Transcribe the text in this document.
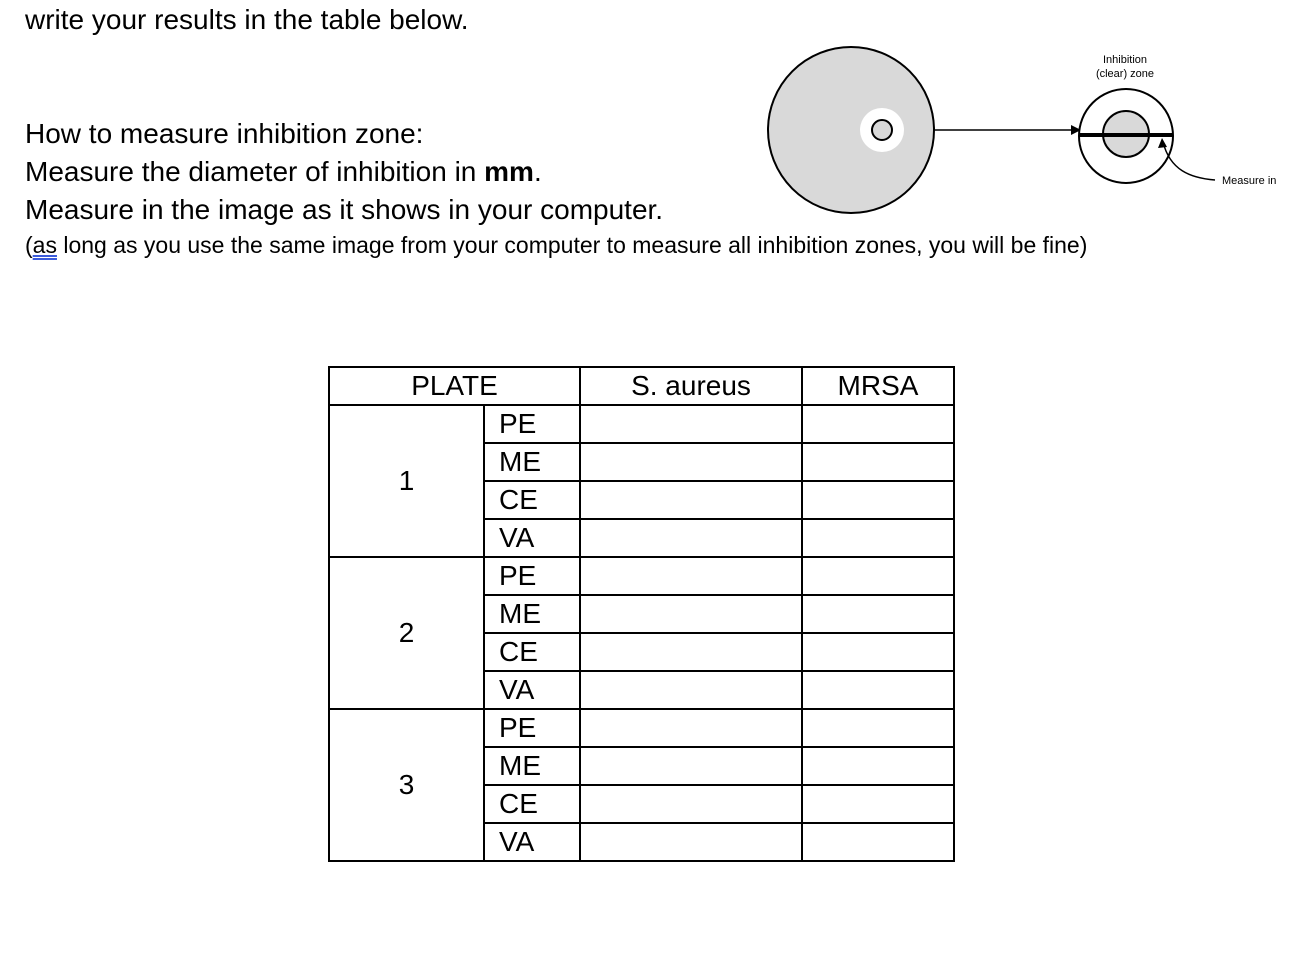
write your results in the table below.

How to measure inhibition zone:

Measure the diameter of inhibition in mm.

Measure in the image as it shows in your computer.

(as long as you use the same image from your computer to measure all inhibition zones, you will be fine)

Inhibition
(clear) zone
Measure in
PLATE		S. aureus	MRSA
1	PE		
	ME		
	CE		
	VA		
2	PE		
	ME		
	CE		
	VA		
3	PE		
	ME		
	CE		
	VA		
